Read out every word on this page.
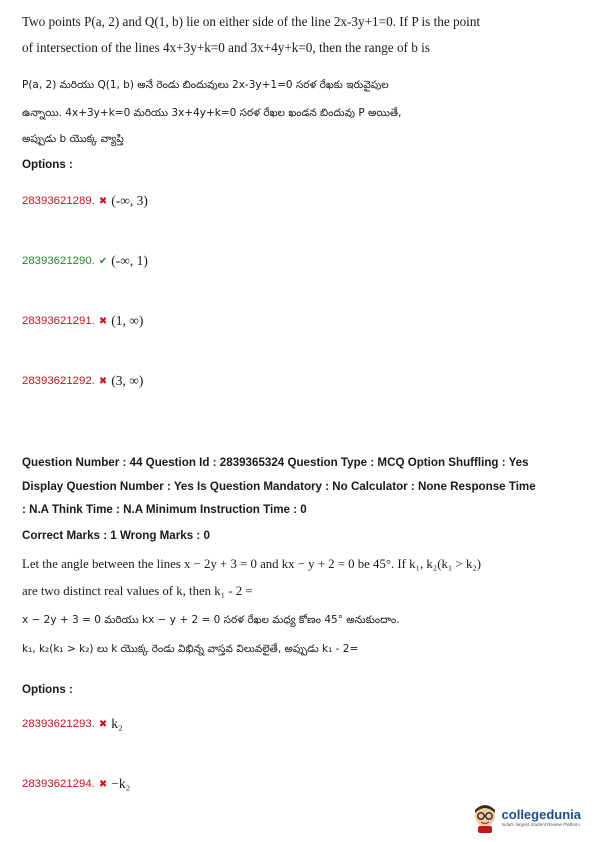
Two points P(a, 2) and Q(1, b) lie on either side of the line 2x-3y+1=0. If P is the point
of intersection of the lines 4x+3y+k=0 and 3x+4y+k=0, then the range of b is
P(a, 2) మరియు Q(1, b) అనే రెండు బిందువులు 2x-3y+1=0 సరళ రేఖకు ఇరువైపుల
ఉన్నాయి. 4x+3y+k=0 మరియు 3x+4y+k=0 సరళ రేఖల ఖండన బిందువు P అయితే,
అప్పుడు b యొక్క వ్యాప్తి
Options :
28393621289. ✖ (-∞, 3)
28393621290. ✔ (-∞, 1)
28393621291. ✖ (1, ∞)
28393621292. ✖ (3, ∞)
Question Number : 44 Question Id : 2839365324 Question Type : MCQ Option Shuffling : Yes
Display Question Number : Yes Is Question Mandatory : No Calculator : None Response Time
: N.A Think Time : N.A Minimum Instruction Time : 0
Correct Marks : 1 Wrong Marks : 0
Let the angle between the lines x − 2y + 3 = 0 and kx − y + 2 = 0 be 45°. If k₁, k₂(k₁ > k₂)
are two distinct real values of k, then k₁ - 2 =
x − 2y + 3 = 0 మరియు kx − y + 2 = 0 సరళ రేఖల మధ్య కోణం 45° అనుకుందాం.
k₁, k₂(k₁ > k₂) లు k యొక్క రెండు విభిన్న వాస్తవ విలువలైతే, అప్పుడు k₁ - 2=
Options :
28393621293. ✖ k₂
28393621294. ✖ −k₂
collegedunia
India's largest Student Review Platform
